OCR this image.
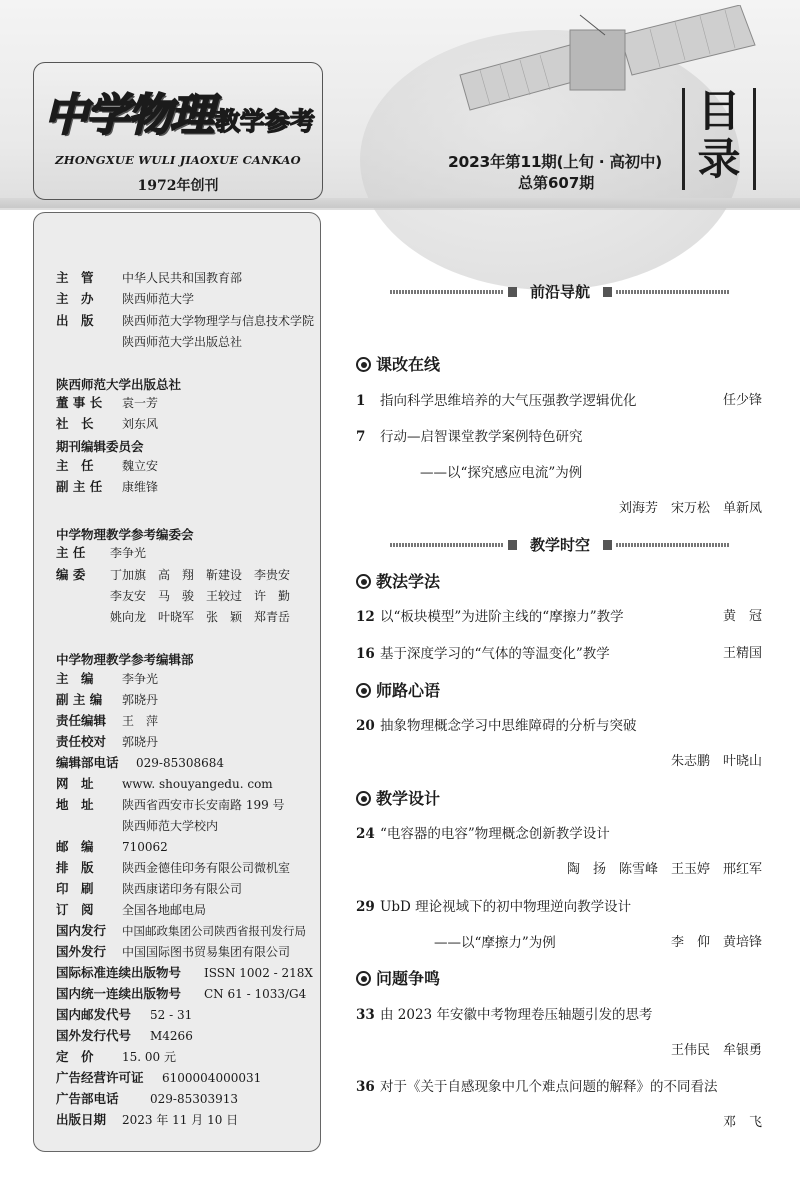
中学物理 教学参考
ZHONGXUE WULI JIAOXUE CANKAO
1972年创刊
2023年第11期(上旬 · 高初中)
总第607期
目
录
主　管 中华人民共和国教育部
主　办 陕西师范大学
出　版 陕西师范大学物理学与信息技术学院
陕西师范大学出版总社
陕西师范大学出版总社
董 事 长 袁一芳
社　长 刘东风
期刊编辑委员会
主　任 魏立安
副 主 任 康维锋
中学物理教学参考编委会
主 任 李争光
编 委 丁加旗　高　翔　靳建设　李贵安
李友安　马　骏　王较过　许　勤
姚向龙　叶晓军　张　颖　郑青岳
中学物理教学参考编辑部
主　编 李争光
副 主 编 郭晓丹
责任编辑 王　萍
责任校对 郭晓丹
编辑部电话 029-85308684
网　址 www. shouyangedu. com
地　址 陕西省西安市长安南路 199 号
陕西师范大学校内
邮　编 710062
排　版 陕西金德佳印务有限公司微机室
印　刷 陕西康诺印务有限公司
订　阅 全国各地邮电局
国内发行 中国邮政集团公司陕西省报刊发行局
国外发行 中国国际图书贸易集团有限公司
国际标准连续出版物号 ISSN 1002 - 218X
国内统一连续出版物号 CN 61 - 1033/G4
国内邮发代号 52 - 31
国外发行代号 M4266
定　价 15. 00 元
广告经营许可证 6100004000031
广告部电话	029-85303913
出版日期 2023 年 11 月 10 日
前沿导航
课改在线
1 指向科学思维培养的大气压强教学逻辑优化	任少锋
7 行动—启智课堂教学案例特色研究
——以“探究感应电流”为例
刘海芳　宋万松　单新凤
教学时空
教法学法
12 以“板块模型”为进阶主线的“摩擦力”教学	黄　冠
16 基于深度学习的“气体的等温变化”教学	王精国
师路心语
20 抽象物理概念学习中思维障碍的分析与突破
朱志鹏　叶晓山
教学设计
24 “电容器的电容”物理概念创新教学设计
陶　扬　陈雪峰　王玉婷　邢红军
29 UbD 理论视域下的初中物理逆向教学设计
——以“摩擦力”为例	李　仰　黄培锋
问题争鸣
33 由 2023 年安徽中考物理卷压轴题引发的思考
王伟民　牟银勇
36 对于《关于自感现象中几个难点问题的解释》的不同看法
邓　飞
